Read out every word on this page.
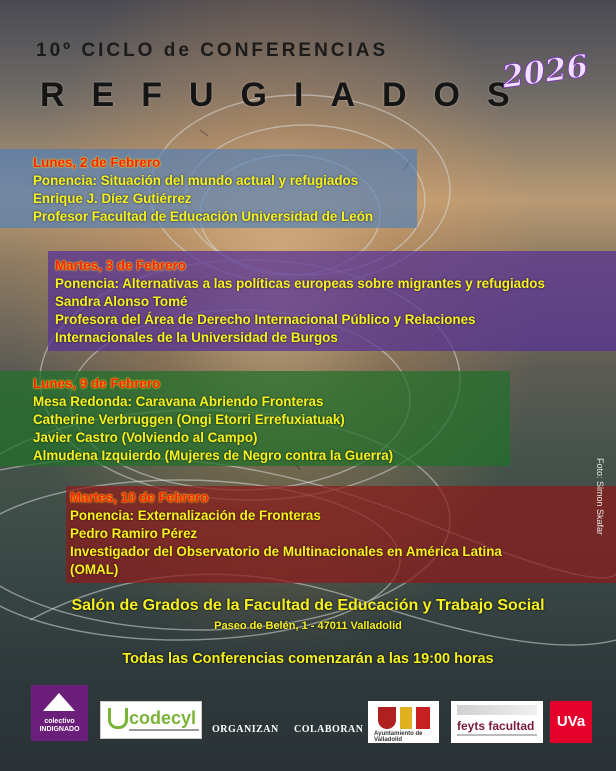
10º CICLO de CONFERENCIAS
REFUGIADOS
2026
Lunes, 2 de Febrero
Ponencia: Situación del mundo actual y refugiados
Enrique J. Díez Gutiérrez
Profesor Facultad de Educación Universidad de León
Martes, 3 de Febrero
Ponencia: Alternativas a las políticas europeas sobre migrantes y refugiados
Sandra Alonso Tomé
Profesora del Área de Derecho Internacional Público y Relaciones
Internacionales de la Universidad de Burgos
Lunes, 9 de Febrero
Mesa Redonda: Caravana Abriendo Fronteras
Catherine Verbruggen (Ongi Etorri Errefuxiatuak)
Javier Castro (Volviendo al Campo)
Almudena Izquierdo (Mujeres de Negro contra la Guerra)
Martes, 10 de Febrero
Ponencia: Externalización de Fronteras
Pedro Ramiro Pérez
Investigador del Observatorio de Multinacionales en América Latina
(OMAL)
Foto: Simon Skafar
Salón de Grados de la Facultad de Educación y Trabajo Social
Paseo de Belén, 1 - 47011 Valladolid
Todas las Conferencias comenzarán a las 19:00 horas
colectivo INDIGNADO
codecyl
ORGANIZAN COLABORAN Ayuntamiento de Valladolid
feyts facultad	UVa
